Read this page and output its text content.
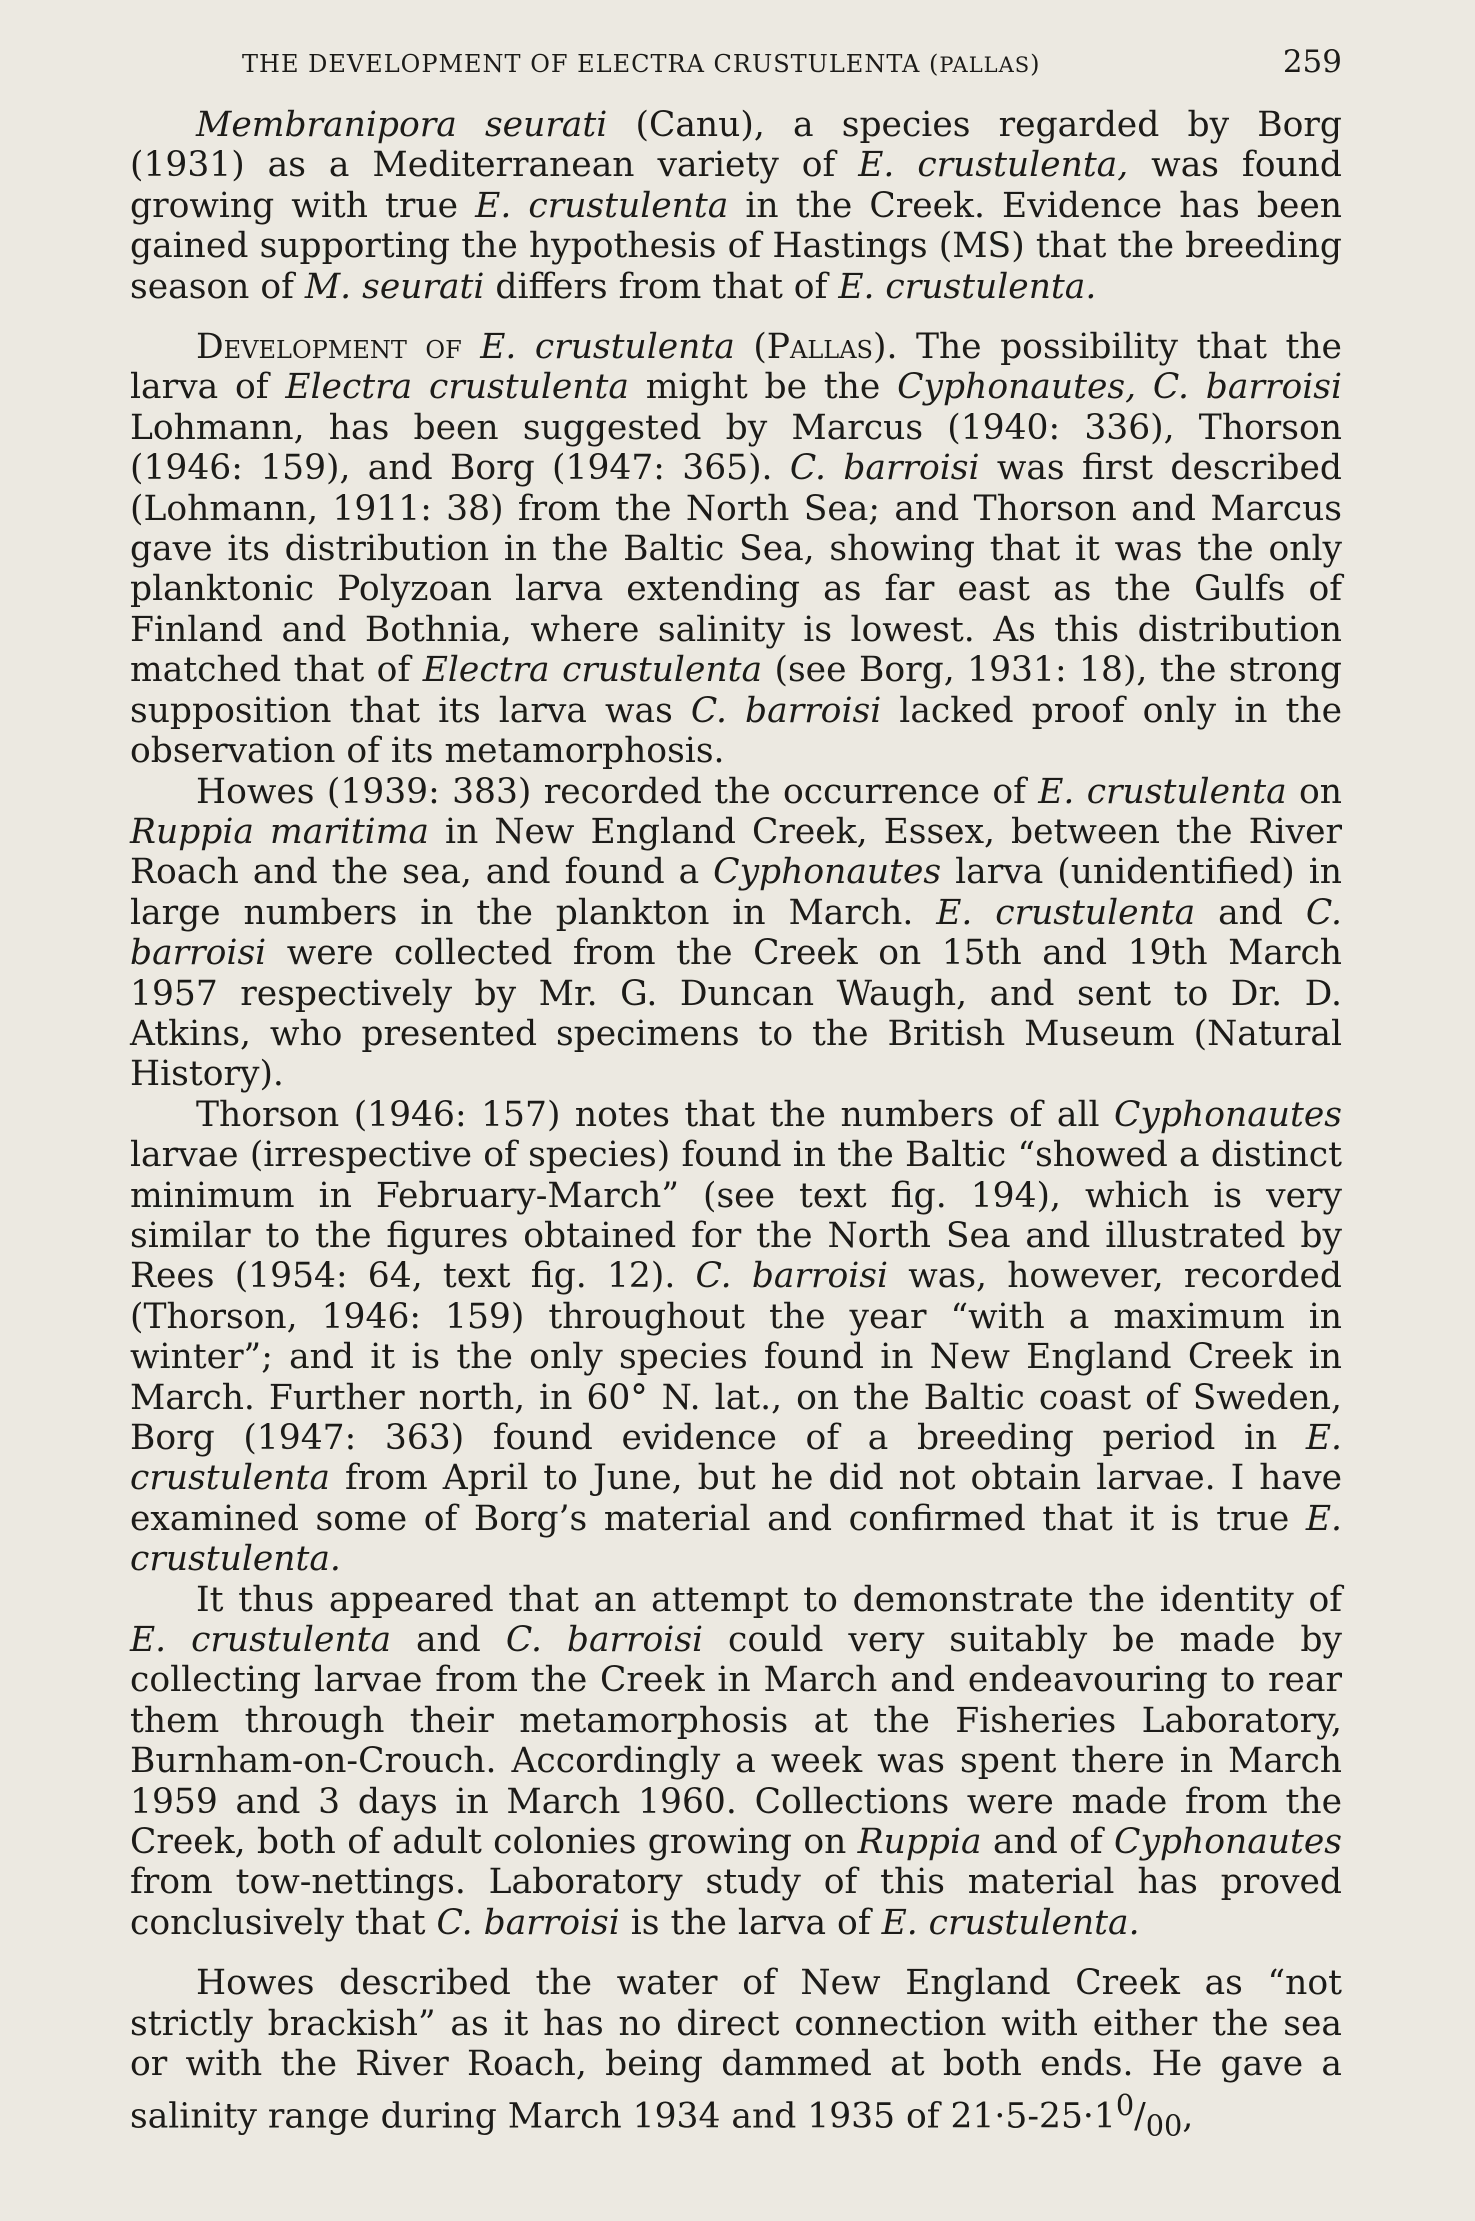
THE DEVELOPMENT OF ELECTRA CRUSTULENTA (PALLAS)	259

Membranipora seurati (Canu), a species regarded by Borg (1931) as a Mediterranean variety of E. crustulenta, was found growing with true E. crustulenta in the Creek. Evidence has been gained supporting the hypothesis of Hastings (MS) that the breeding season of M. seurati differs from that of E. crustulenta.

Development of E. crustulenta (Pallas). The possibility that the larva of Electra crustulenta might be the Cyphonautes, C. barroisi Lohmann, has been suggested by Marcus (1940: 336), Thorson (1946: 159), and Borg (1947: 365). C. barroisi was first described (Lohmann, 1911: 38) from the North Sea; and Thorson and Marcus gave its distribution in the Baltic Sea, showing that it was the only planktonic Polyzoan larva extending as far east as the Gulfs of Finland and Bothnia, where salinity is lowest. As this distribution matched that of Electra crustulenta (see Borg, 1931: 18), the strong supposition that its larva was C. barroisi lacked proof only in the observation of its metamorphosis.

Howes (1939: 383) recorded the occurrence of E. crustulenta on Ruppia maritima in New England Creek, Essex, between the River Roach and the sea, and found a Cyphonautes larva (unidentified) in large numbers in the plankton in March. E. crustulenta and C. barroisi were collected from the Creek on 15th and 19th March 1957 respectively by Mr. G. Duncan Waugh, and sent to Dr. D. Atkins, who presented specimens to the British Museum (Natural History).

Thorson (1946: 157) notes that the numbers of all Cyphonautes larvae (irrespective of species) found in the Baltic “showed a distinct minimum in February-March” (see text fig. 194), which is very similar to the figures obtained for the North Sea and illustrated by Rees (1954: 64, text fig. 12). C. barroisi was, however, recorded (Thorson, 1946: 159) throughout the year “with a maximum in winter”; and it is the only species found in New England Creek in March. Further north, in 60° N. lat., on the Baltic coast of Sweden, Borg (1947: 363) found evidence of a breeding period in E. crustulenta from April to June, but he did not obtain larvae. I have examined some of Borg’s material and confirmed that it is true E. crustulenta.

It thus appeared that an attempt to demonstrate the identity of E. crustulenta and C. barroisi could very suitably be made by collecting larvae from the Creek in March and endeavouring to rear them through their metamorphosis at the Fisheries Laboratory, Burnham-on-Crouch. Accordingly a week was spent there in March 1959 and 3 days in March 1960. Collections were made from the Creek, both of adult colonies growing on Ruppia and of Cyphonautes from tow-nettings. Laboratory study of this material has proved conclusively that C. barroisi is the larva of E. crustulenta.

Howes described the water of New England Creek as “not strictly brackish” as it has no direct connection with either the sea or with the River Roach, being dammed at both ends. He gave a salinity range during March 1934 and 1935 of $21\cdot 5-25\cdot 1^0/_{00}$,
